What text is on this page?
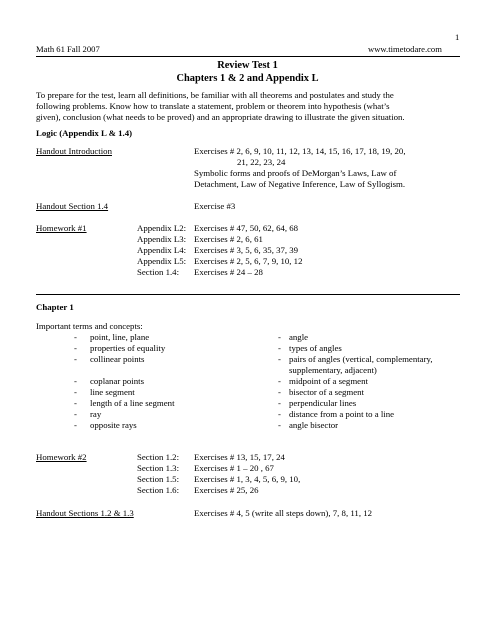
1
Math 61 Fall 2007	www.timetodare.com
Review Test 1
Chapters 1 & 2 and Appendix L
To prepare for the test, learn all definitions, be familiar with all theorems and postulates and study the
following problems. Know how to translate a statement, problem or theorem into hypothesis (what’s
given), conclusion (what needs to be proved) and an appropriate drawing to illustrate the given situation.
Logic (Appendix L & 1.4)
Handout Introduction	Exercises # 2, 6, 9, 10, 11, 12, 13, 14, 15, 16, 17, 18, 19, 20,
21, 22, 23, 24
Symbolic forms and proofs of DeMorgan’s Laws, Law of
Detachment, Law of Negative Inference, Law of Syllogism.
Handout Section 1.4	Exercise #3
Homework #1	Appendix L2: Exercises # 47, 50, 62, 64, 68
Appendix L3: Exercises # 2, 6, 61
Appendix L4: Exercises # 3, 5, 6, 35, 37, 39
Appendix L5: Exercises # 2, 5, 6, 7, 9, 10, 12
Section 1.4: Exercises # 24 – 28
Chapter 1
Important terms and concepts:
- point, line, plane
- properties of equality
- collinear points
- coplanar points
- line segment
- length of a line segment
- ray
- opposite rays
- angle
- types of angles
- pairs of angles (vertical, complementary,
supplementary, adjacent)
- midpoint of a segment
- bisector of a segment
- perpendicular lines
- distance from a point to a line
- angle bisector
Homework #2	Section 1.2: Exercises # 13, 15, 17, 24
Section 1.3: Exercises # 1 – 20 , 67
Section 1.5: Exercises # 1, 3, 4, 5, 6, 9, 10,
Section 1.6: Exercises # 25, 26
Handout Sections 1.2 & 1.3	Exercises # 4, 5 (write all steps down), 7, 8, 11, 12
